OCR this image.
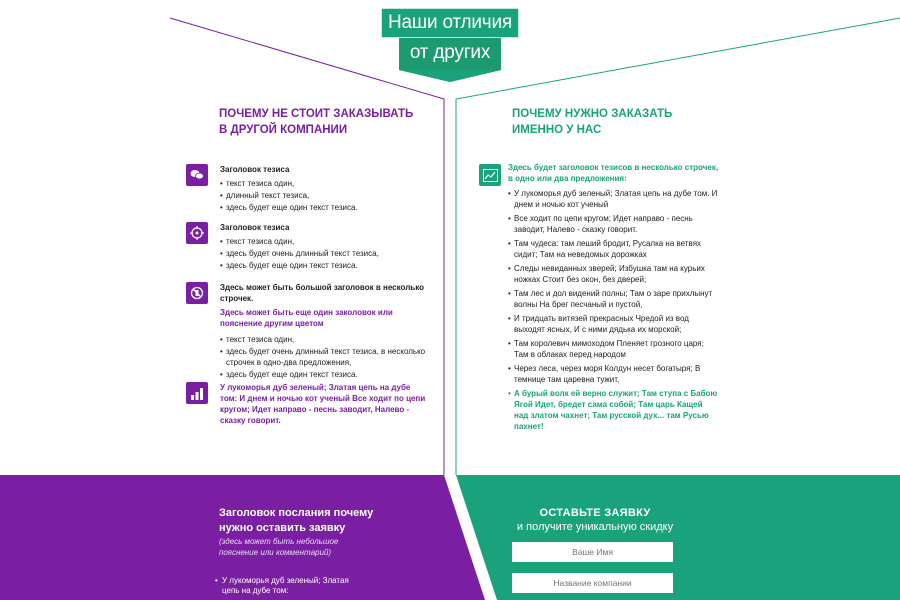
Наши отличия
от других
ПОЧЕМУ НЕ СТОИТ ЗАКАЗЫВАТЬ
В ДРУГОЙ КОМПАНИИ
ПОЧЕМУ НУЖНО ЗАКАЗАТЬ
ИМЕННО У НАС
Заголовок тезиса
• текст тезиса один,
• длинный текст тезиса,
• здесь будет еще один текст тезиса.
Заголовок тезиса
• текст тезиса один,
• здесь будет очень длинный текст тезиса,
• здесь будет еще один текст тезиса.
Здесь может быть большой заголовок в несколько строчек.
Здесь может быть еще один заколовок или пояснение другим цветом
• текст тезиса один,
• здесь будет очень длинный текст тезиса, в несколько строчек в одно-два предложения,
• здесь будет еще один текст тезиса.
У лукоморья дуб зеленый; Златая цепь на дубе том: И днем и ночью кот ученый Все ходит по цепи кругом; Идет направо - песнь заводит, Налево - сказку говорит.
Здесь будет заголовок тезисов в несколько строчек, в одно или два предложения:
• У лукоморья дуб зеленый; Златая цепь на дубе том. И днем и ночью кот ученый
• Все ходит по цепи кругом; Идет направо - песнь заводит, Налево - сказку говорит.
• Там чудеса: там леший бродит, Русалка на ветвях сидит; Там на неведомых дорожках
• Следы невиданных зверей; Избушка там на курьих ножках Стоит без окон, без дверей;
• Там лес и дол видений полны; Там о заре прихлынут волны На брег песчаный и пустой,
• И тридцать витязей прекрасных Чредой из вод выходят ясных, И с ними дядька их морской;
• Там королевич мимоходом Пленяет грозного царя; Там в облаках перед народом
• Через леса, через моря Колдун несет богатыря; В темнице там царевна тужит,
• А бурый волк ей верно служит; Там ступа с Бабою Ягой Идет, бредет сама собой; Там царь Кащей над златом чахнет; Там русской дух... там Русью пахнет!
Заголовок послания почему нужно оставить заявку
(здесь может быть небольшое пояснение или комментарий)
• У лукоморья дуб зеленый; Златая цепь на дубе том:
ОСТАВЬТЕ ЗАЯВКУ
и получите уникальную скидку
Ваше Имя
Название компании
